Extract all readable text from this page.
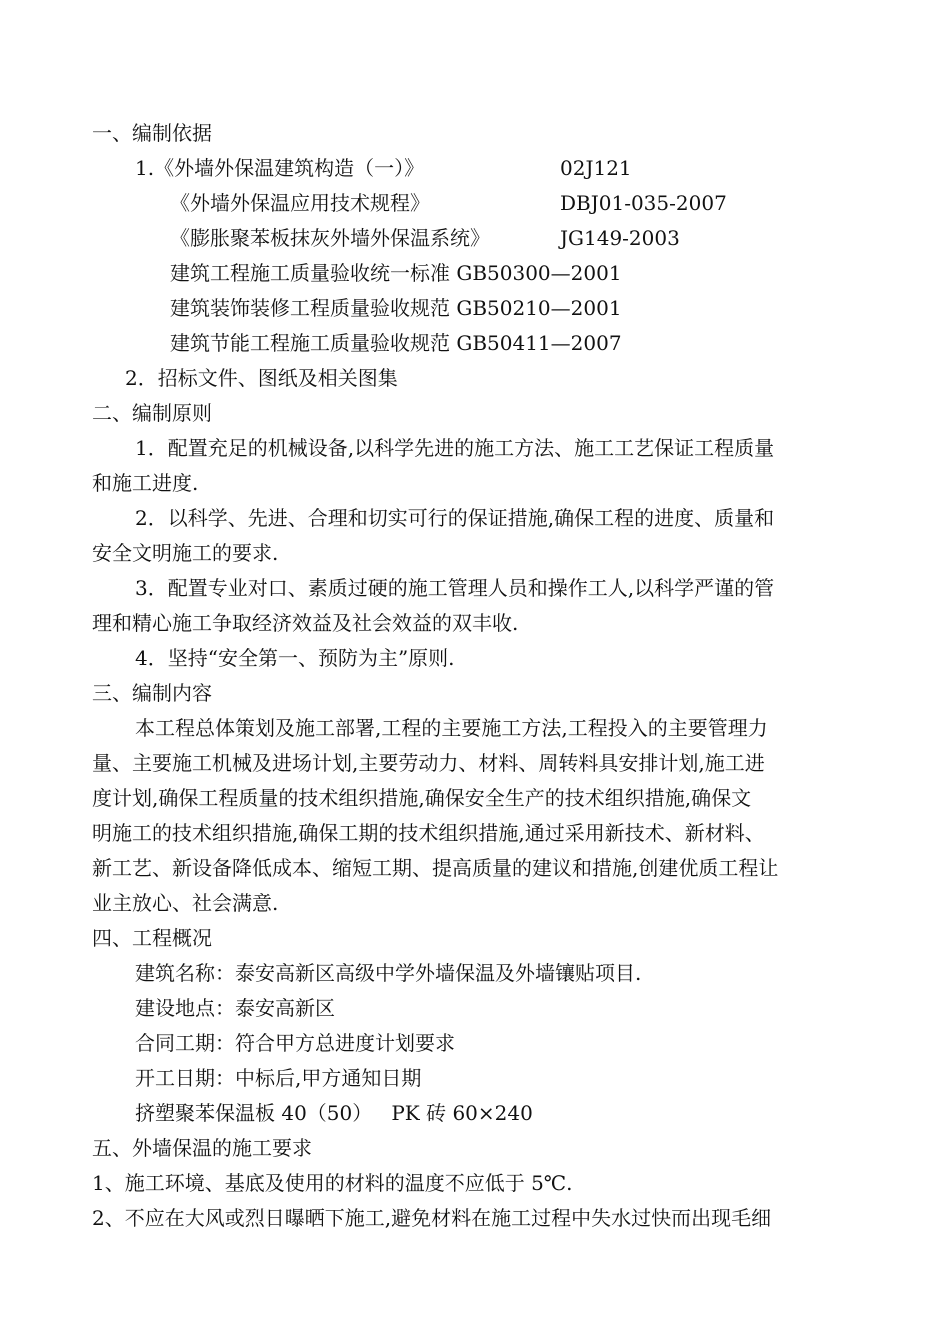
一、编制依据
1.《外墙外保温建筑构造（一）》	02J121
《外墙外保温应用技术规程》	DBJ01-035-2007
《膨胀聚苯板抹灰外墙外保温系统》	JG149-2003
建筑工程施工质量验收统一标准 GB50300—2001
建筑装饰装修工程质量验收规范 GB50210—2001
建筑节能工程施工质量验收规范 GB50411—2007
2．招标文件、图纸及相关图集
二、编制原则
1．配置充足的机械设备,以科学先进的施工方法、施工工艺保证工程质量
和施工进度.
2．以科学、先进、合理和切实可行的保证措施,确保工程的进度、质量和
安全文明施工的要求.
3．配置专业对口、素质过硬的施工管理人员和操作工人,以科学严谨的管
理和精心施工争取经济效益及社会效益的双丰收.
4．坚持“安全第一、预防为主”原则.
三、编制内容
本工程总体策划及施工部署,工程的主要施工方法,工程投入的主要管理力
量、主要施工机械及进场计划,主要劳动力、材料、周转料具安排计划,施工进
度计划,确保工程质量的技术组织措施,确保安全生产的技术组织措施,确保文
明施工的技术组织措施,确保工期的技术组织措施,通过采用新技术、新材料、
新工艺、新设备降低成本、缩短工期、提高质量的建议和措施,创建优质工程让
业主放心、社会满意.
四、工程概况
建筑名称：泰安高新区高级中学外墙保温及外墙镶贴项目.
建设地点：泰安高新区
合同工期：符合甲方总进度计划要求
开工日期：中标后,甲方通知日期
挤塑聚苯保温板 40（50）   PK 砖 60×240
五、外墙保温的施工要求
1、施工环境、基底及使用的材料的温度不应低于 5℃.
2、不应在大风或烈日曝晒下施工,避免材料在施工过程中失水过快而出现毛细
